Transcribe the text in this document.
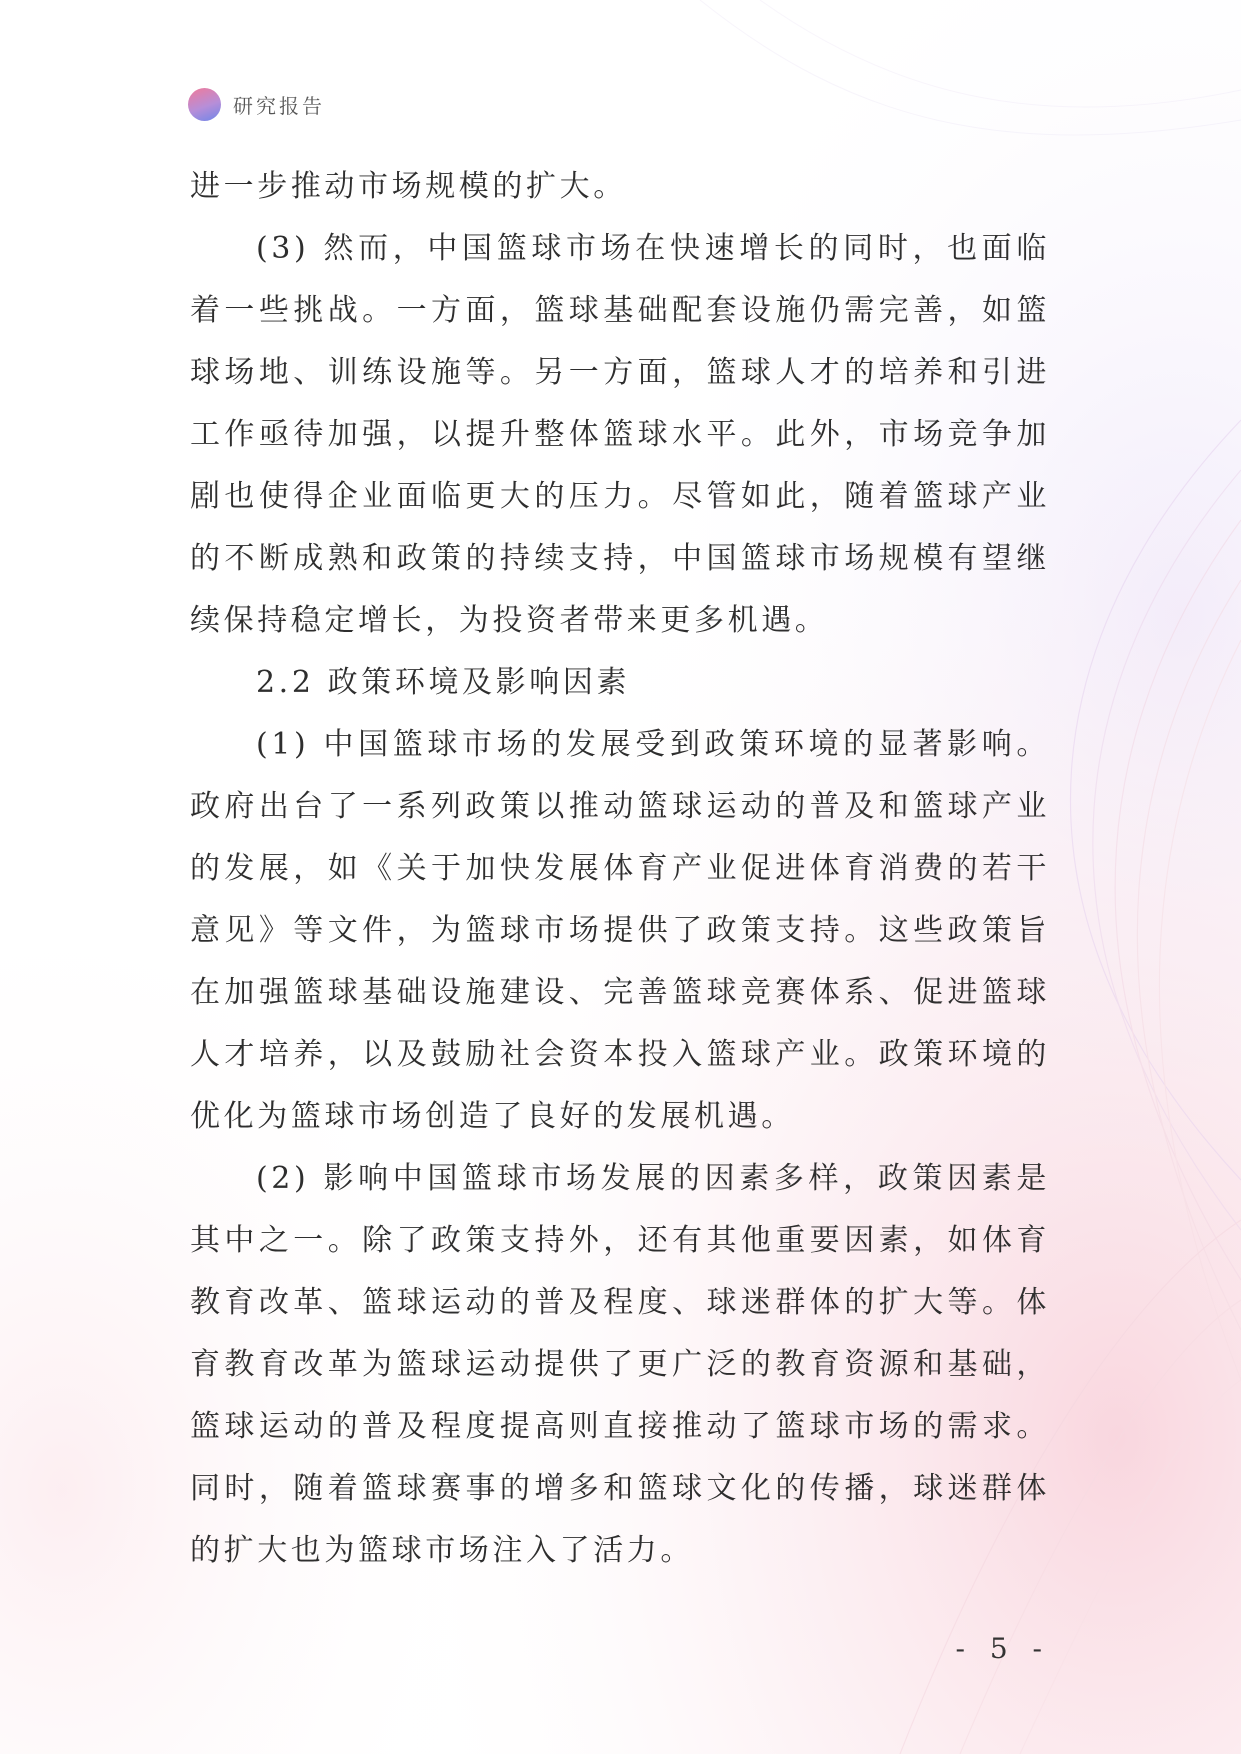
研究报告

进一步推动市场规模的扩大。

(3) 然而，中国篮球市场在快速增长的同时，也面临着一些挑战。一方面，篮球基础配套设施仍需完善，如篮球场地、训练设施等。另一方面，篮球人才的培养和引进工作亟待加强，以提升整体篮球水平。此外，市场竞争加剧也使得企业面临更大的压力。尽管如此，随着篮球产业的不断成熟和政策的持续支持，中国篮球市场规模有望继续保持稳定增长，为投资者带来更多机遇。

2.2 政策环境及影响因素

(1) 中国篮球市场的发展受到政策环境的显著影响。政府出台了一系列政策以推动篮球运动的普及和篮球产业的发展，如《关于加快发展体育产业促进体育消费的若干意见》等文件，为篮球市场提供了政策支持。这些政策旨在加强篮球基础设施建设、完善篮球竞赛体系、促进篮球人才培养，以及鼓励社会资本投入篮球产业。政策环境的优化为篮球市场创造了良好的发展机遇。

(2) 影响中国篮球市场发展的因素多样，政策因素是其中之一。除了政策支持外，还有其他重要因素，如体育教育改革、篮球运动的普及程度、球迷群体的扩大等。体育教育改革为篮球运动提供了更广泛的教育资源和基础，篮球运动的普及程度提高则直接推动了篮球市场的需求。同时，随着篮球赛事的增多和篮球文化的传播，球迷群体的扩大也为篮球市场注入了活力。

- 5 -
